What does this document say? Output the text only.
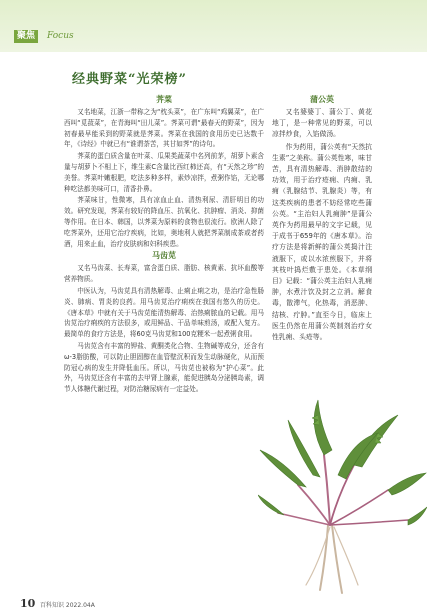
聚焦	Focus
经典野菜“光荣榜”
荠菜

又名地菜，江浙一带称之为“枕头菜”，在广东叫“鸡翼菜”，在广西叫“觅菝菜”，在青海叫“田儿菜”。荠菜可谓“最春天的野菜”，因为初春最早能采到的野菜就是荠菜。荠菜在我国的食用历史已达数千年，《诗经》中就已有“谁谓荼苦，其甘如荠”的诗句。

荠菜的蛋白质含量在叶菜、瓜果类蔬菜中名列前茅，胡萝卜素含量与胡萝卜不相上下，维生素C含量比西红柿还高，有“天然之珍”的美誉。荠菜叶嫩根肥，吃法多种多样，素炒凉拌，煮粥作馅，无论哪种吃法都美味可口，清香扑鼻。

荠菜味甘，性微寒，具有凉血止血、清热利尿、清肝明目的功效。研究发现，荠菜有较好的降血压、抗氧化、抗肿瘤、消炎、抑菌等作用。在日本、韩国，以荠菜为原料的食物也很流行。欧洲人除了吃荠菜外，还用它治疗疾病，比如，奥地利人就把荠菜制成茶或者药酒，用来止血，治疗皮肤病和妇科疾患。

马齿苋

又名马齿菜、长寿菜，富含蛋白质、脂肪、核黄素、抗坏血酸等营养物质。

中医认为，马齿苋具有清热解毒、止痢止痢之功，是治疗急性肠炎、肺病、胃炎的良药。用马齿苋治疗痢疾在我国有悠久的历史。《唐本草》中就有关于马齿苋能清热解毒、治热痢脓血的记载。用马齿苋治疗痢疾的方法很多，或用鲜品、干品单味煎汤，或配入复方。最简单的食疗方法是，将60克马齿苋和100克粳米一起煮粥食用。

马齿苋含有丰富的钾盐、黄酮类化合物、生物碱等成分，还含有ω-3脂肪酸，可以防止胆固醇在血管壁沉积而发生动脉硬化，从而预防冠心病的发生并降低血压。所以，马齿苋也被称为“护心菜”。此外，马齿苋还含有丰富的去甲肾上腺素，能促进胰岛分泌胰岛素，调节人体糖代谢过程，对防治糖尿病有一定益处。

蒲公英

又名婆婆丁、蒲公丁、黄花地丁，是一种常见的野菜，可以凉拌炒食，入馅做汤。

作为药用，蒲公英有“天然抗生素”之美称。蒲公英性寒，味甘苦，具有清热解毒、消肿散结的功效，用于治疗疮痈、内痈、乳痈（乳腺结节、乳腺炎）等，有这类疾病的患者不妨经常吃些蒲公英。“主治妇人乳痈肿”是蒲公英作为药用最早的文字记载，见于成书于659年的《唐本草》。治疗方法是将新鲜的蒲公英捣汁注液服下，或以水浓煎服下，并将其枝叶捣烂敷于患处。《本草纲目》记载：“蒲公英主治妇人乳痈肿，水煮汁饮及封之立消。解食毒，散滞气，化热毒，消恶肿、结核、疔肿。”直至今日，临床上医生仍然在用蒲公英制剂治疗女性乳痈、头疮等。

10 百科知识 2022.04A
